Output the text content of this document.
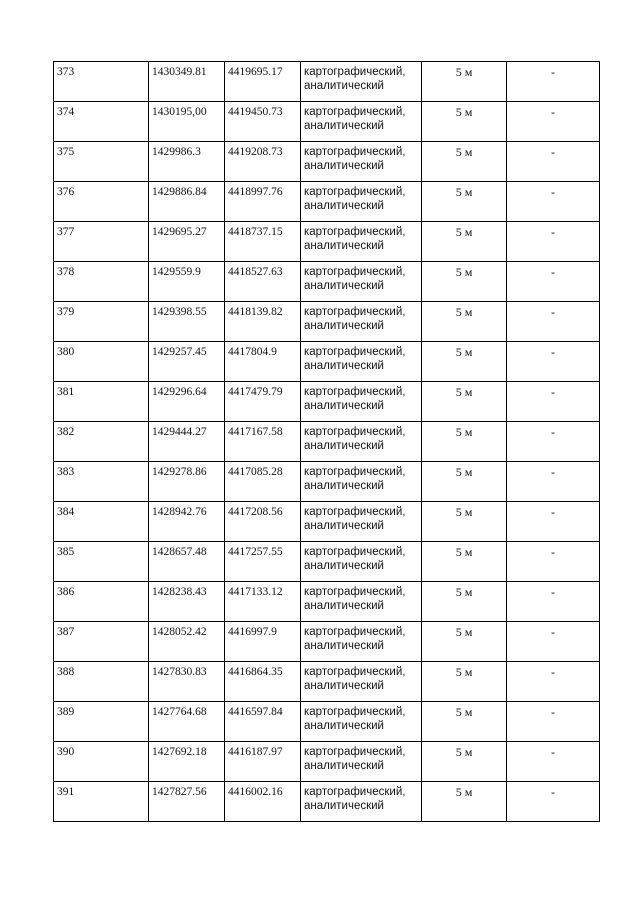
373	1430349.81	4419695.17	картографический,
аналитический	5 м	-
374	1430195,00	4419450.73	картографический,
аналитический	5 м	-
375	1429986.3	4419208.73	картографический,
аналитический	5 м	-
376	1429886.84	4418997.76	картографический,
аналитический	5 м	-
377	1429695.27	4418737.15	картографический,
аналитический	5 м	-
378	1429559.9	4418527.63	картографический,
аналитический	5 м	-
379	1429398.55	4418139.82	картографический,
аналитический	5 м	-
380	1429257.45	4417804.9	картографический,
аналитический	5 м	-
381	1429296.64	4417479.79	картографический,
аналитический	5 м	-
382	1429444.27	4417167.58	картографический,
аналитический	5 м	-
383	1429278.86	4417085.28	картографический,
аналитический	5 м	-
384	1428942.76	4417208.56	картографический,
аналитический	5 м	-
385	1428657.48	4417257.55	картографический,
аналитический	5 м	-
386	1428238.43	4417133.12	картографический,
аналитический	5 м	-
387	1428052.42	4416997.9	картографический,
аналитический	5 м	-
388	1427830.83	4416864.35	картографический,
аналитический	5 м	-
389	1427764.68	4416597.84	картографический,
аналитический	5 м	-
390	1427692.18	4416187.97	картографический,
аналитический	5 м	-
391	1427827.56	4416002.16	картографический,
аналитический	5 м	-
